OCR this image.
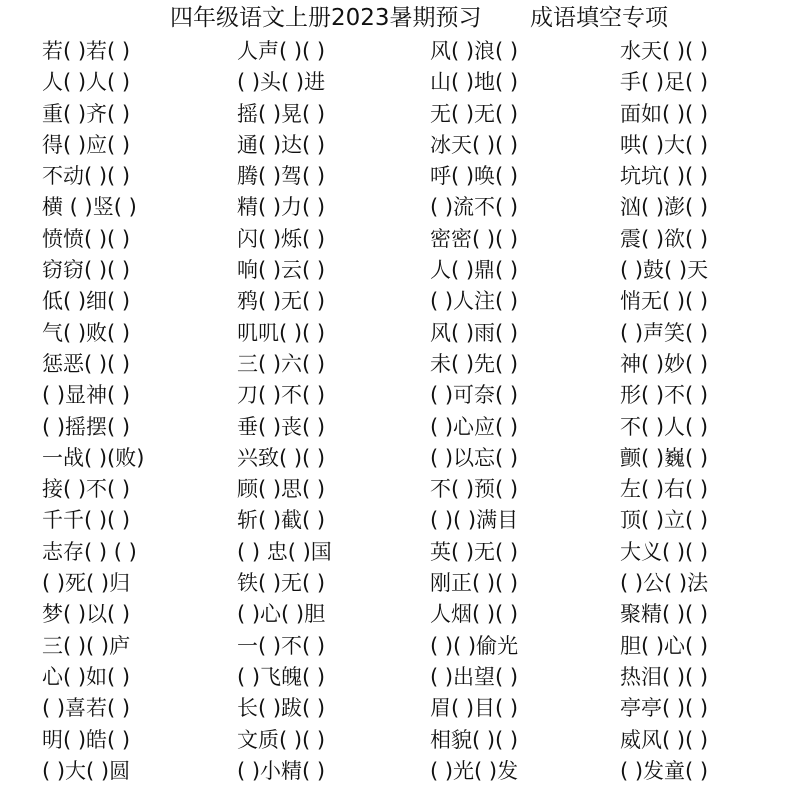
四年级语文上册2023暑期预习 成语填空专项
若( )若( )	人声( )( )	风( )浪( )	水天( )( )
人( )人( )	( )头( )进	山( )地( )	手( )足( )
重( )齐( )	摇( )晃( )	无( )无( )	面如( )( )
得( )应( )	通( )达( )	冰天( )( )	哄( )大( )
不动( )( )	腾( )驾( )	呼( )唤( )	坑坑( )( )
横 ( )竖( )	精( )力( )	( )流不( )	汹( )澎( )
愤愤( )( )	闪( )烁( )	密密( )( )	震( )欲( )
窃窃( )( )	响( )云( )	人( )鼎( )	( )鼓( )天
低( )细( )	鸦( )无( )	( )人注( )	悄无( )( )
气( )败( )	叽叽( )( )	风( )雨( )	( )声笑( )
惩恶( )( )	三( )六( )	未( )先( )	神( )妙( )
( )显神( )	刀( )不( )	( )可奈( )	形( )不( )
( )摇摆( )	垂( )丧( )	( )心应( )	不( )人( )
一战( )(败)	兴致( )( )	( )以忘( )	颤( )巍( )
接( )不( )	顾( )思( )	不( )预( )	左( )右( )
千千( )( )	斩( )截( )	( )( )满目	顶( )立( )
志存( ) ( )	( ) 忠( )国	英( )无( )	大义( )( )
( )死( )归	铁( )无( )	刚正( )( )	( )公( )法
梦( )以( )	( )心( )胆	人烟( )( )	聚精( )( )
三( )( )庐	一( )不( )	( )( )偷光	胆( )心( )
心( )如( )	( )飞魄( )	( )出望( )	热泪( )( )
( )喜若( )	长( )跋( )	眉( )目( )	亭亭( )( )
明( )皓( )	文质( )( )	相貌( )( )	威风( )( )
( )大( )圆	( )小精( )	( )光( )发	( )发童( )
